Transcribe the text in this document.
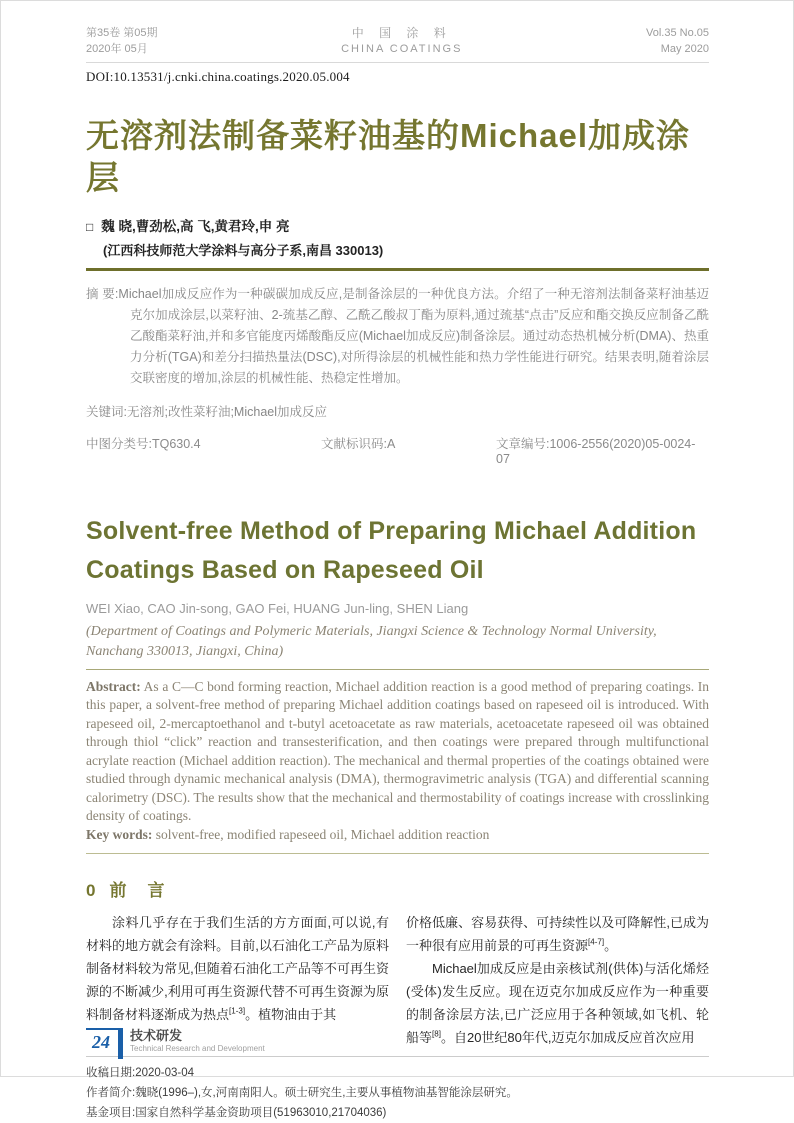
第35卷 第05期
2020年 05月
中 国 涂 料
CHINA COATINGS
Vol.35 No.05
May 2020
DOI:10.13531/j.cnki.china.coatings.2020.05.004
无溶剂法制备菜籽油基的Michael加成涂层
□ 魏 晓,曹劲松,高 飞,黄君玲,申 亮
(江西科技师范大学涂料与高分子系,南昌 330013)

摘 要:Michael加成反应作为一种碳碳加成反应,是制备涂层的一种优良方法。介绍了一种无溶剂法制备菜籽油基迈克尔加成涂层,以菜籽油、2-巯基乙醇、乙酰乙酸叔丁酯为原料,通过巯基“点击”反应和酯交换反应制备乙酰乙酸酯菜籽油,并和多官能度丙烯酸酯反应(Michael加成反应)制备涂层。通过动态热机械分析(DMA)、热重力分析(TGA)和差分扫描热量法(DSC),对所得涂层的机械性能和热力学性能进行研究。结果表明,随着涂层交联密度的增加,涂层的机械性能、热稳定性增加。

关键词:无溶剂;改性菜籽油;Michael加成反应
中图分类号:TQ630.4	文献标识码:A	文章编号:1006-2556(2020)05-0024-07
Solvent-free Method of Preparing Michael Addition Coatings Based on Rapeseed Oil
WEI Xiao, CAO Jin-song, GAO Fei, HUANG Jun-ling, SHEN Liang
(Department of Coatings and Polymeric Materials, Jiangxi Science & Technology Normal University, Nanchang 330013, Jiangxi, China)
Abstract: As a C—C bond forming reaction, Michael addition reaction is a good method of preparing coatings. In this paper, a solvent-free method of preparing Michael addition coatings based on rapeseed oil is introduced. With rapeseed oil, 2-mercaptoethanol and t-butyl acetoacetate as raw materials, acetoacetate rapeseed oil was obtained through thiol “click” reaction and transesterification, and then coatings were prepared through multifunctional acrylate reaction (Michael addition reaction). The mechanical and thermal properties of the coatings obtained were studied through dynamic mechanical analysis (DMA), thermogravimetric analysis (TGA) and differential scanning calorimetry (DSC). The results show that the mechanical and thermostability of coatings increase with crosslinking density of coatings.
Key words: solvent-free, modified rapeseed oil, Michael addition reaction
0 前　言

涂料几乎存在于我们生活的方方面面,可以说,有材料的地方就会有涂料。目前,以石油化工产品为原料制备材料较为常见,但随着石油化工产品等不可再生资源的不断减少,利用可再生资源代替不可再生资源为原料制备材料逐渐成为热点[1-3]。植物油由于其

价格低廉、容易获得、可持续性以及可降解性,已成为一种很有应用前景的可再生资源[4-7]。

Michael加成反应是由亲核试剂(供体)与活化烯烃(受体)发生反应。现在迈克尔加成反应作为一种重要的制备涂层方法,已广泛应用于各种领域,如飞机、轮船等[8]。自20世纪80年代,迈克尔加成反应首次应用

收稿日期:2020-03-04
作者简介:魏晓(1996–),女,河南南阳人。硕士研究生,主要从事植物油基智能涂层研究。
基金项目:国家自然科学基金资助项目(51963010,21704036)
24	技术研发
Technical Research and Development
